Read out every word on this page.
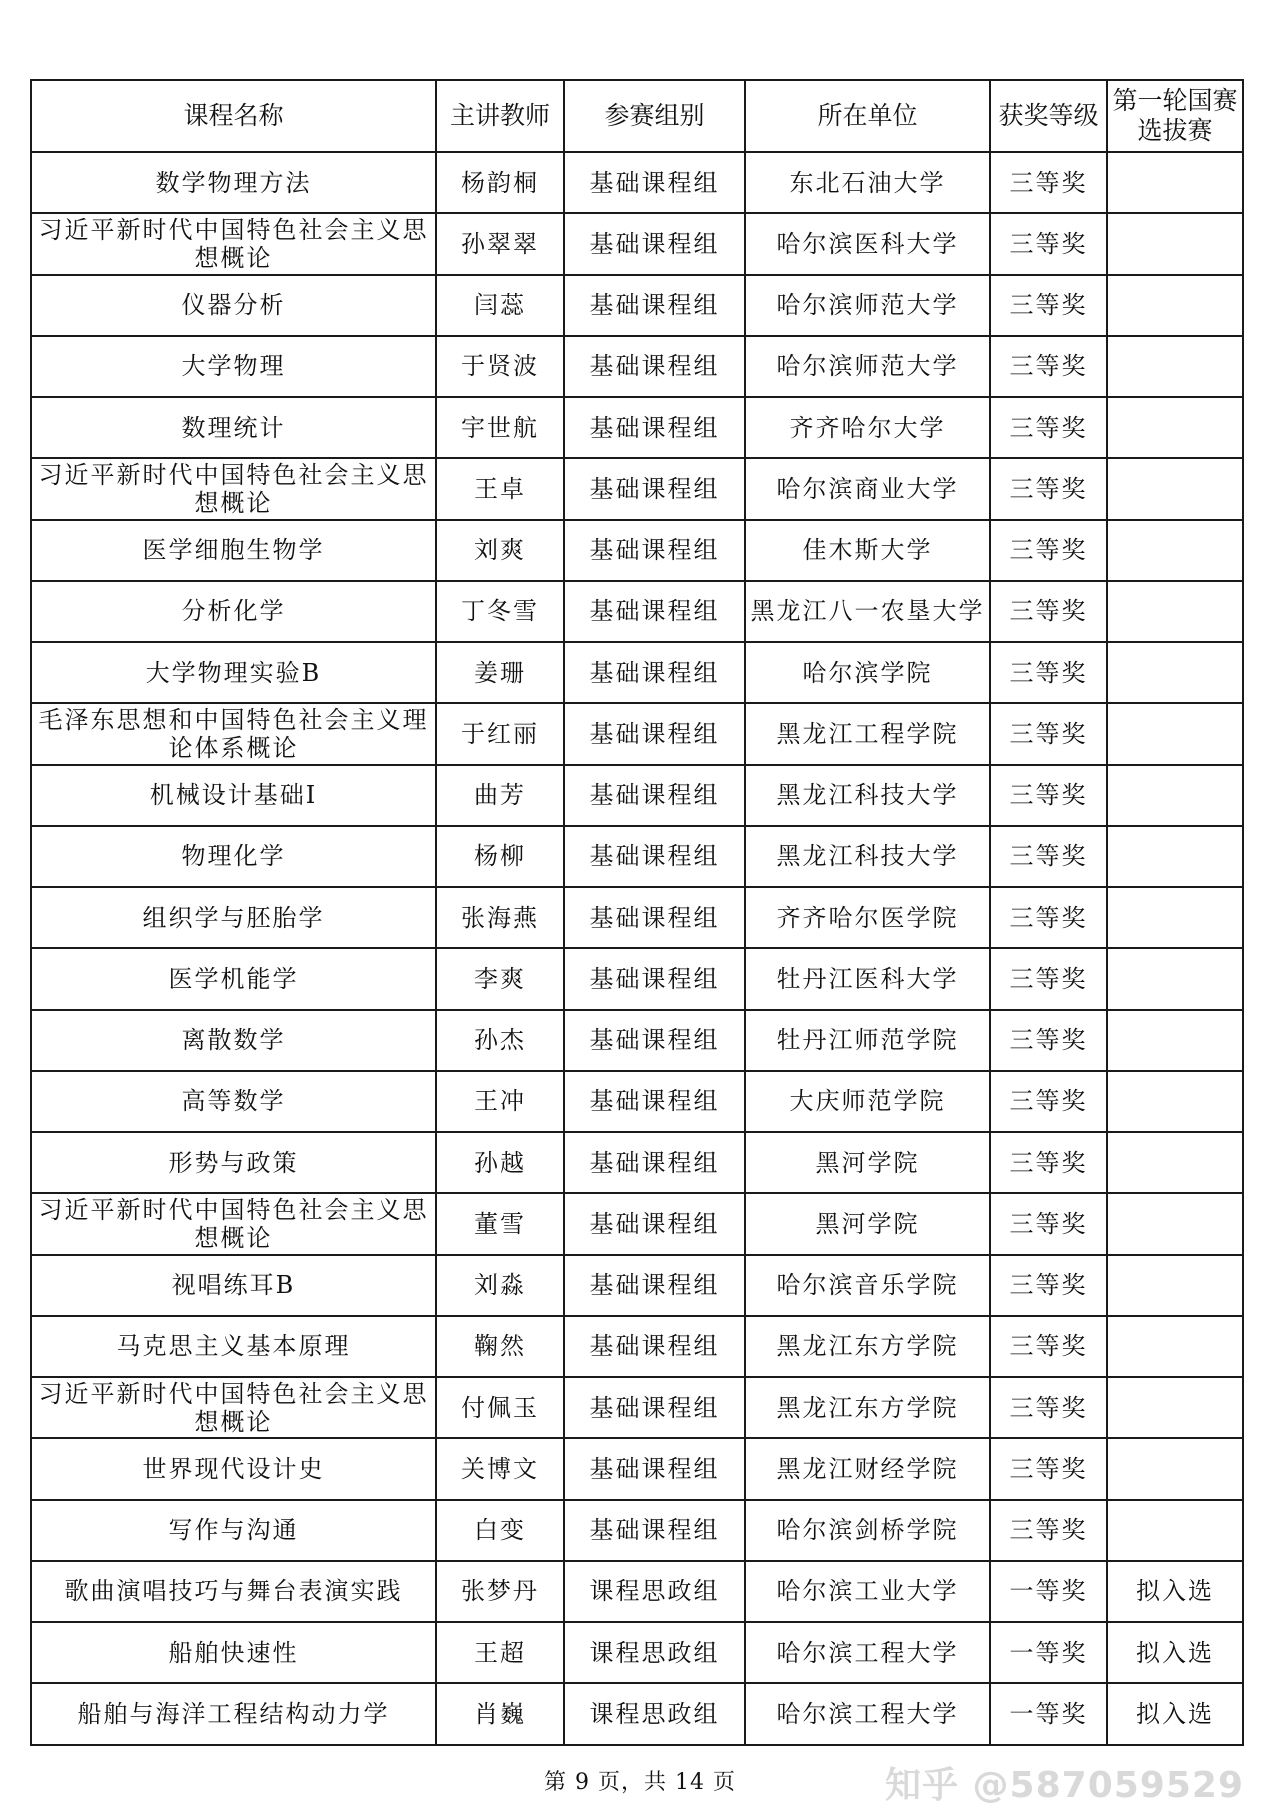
课程名称	主讲教师	参赛组别	所在单位	获奖等级	第一轮国赛选拔赛
数学物理方法	杨韵桐	基础课程组	东北石油大学	三等奖	
习近平新时代中国特色社会主义思想概论	孙翠翠	基础课程组	哈尔滨医科大学	三等奖	
仪器分析	闫蕊	基础课程组	哈尔滨师范大学	三等奖	
大学物理	于贤波	基础课程组	哈尔滨师范大学	三等奖	
数理统计	宇世航	基础课程组	齐齐哈尔大学	三等奖	
习近平新时代中国特色社会主义思想概论	王卓	基础课程组	哈尔滨商业大学	三等奖	
医学细胞生物学	刘爽	基础课程组	佳木斯大学	三等奖	
分析化学	丁冬雪	基础课程组	黑龙江八一农垦大学	三等奖	
大学物理实验B	姜珊	基础课程组	哈尔滨学院	三等奖	
毛泽东思想和中国特色社会主义理论体系概论	于红丽	基础课程组	黑龙江工程学院	三等奖	
机械设计基础I	曲芳	基础课程组	黑龙江科技大学	三等奖	
物理化学	杨柳	基础课程组	黑龙江科技大学	三等奖	
组织学与胚胎学	张海燕	基础课程组	齐齐哈尔医学院	三等奖	
医学机能学	李爽	基础课程组	牡丹江医科大学	三等奖	
离散数学	孙杰	基础课程组	牡丹江师范学院	三等奖	
高等数学	王冲	基础课程组	大庆师范学院	三等奖	
形势与政策	孙越	基础课程组	黑河学院	三等奖	
习近平新时代中国特色社会主义思想概论	董雪	基础课程组	黑河学院	三等奖	
视唱练耳B	刘淼	基础课程组	哈尔滨音乐学院	三等奖	
马克思主义基本原理	鞠然	基础课程组	黑龙江东方学院	三等奖	
习近平新时代中国特色社会主义思想概论	付佩玉	基础课程组	黑龙江东方学院	三等奖	
世界现代设计史	关博文	基础课程组	黑龙江财经学院	三等奖	
写作与沟通	白变	基础课程组	哈尔滨剑桥学院	三等奖	
歌曲演唱技巧与舞台表演实践	张梦丹	课程思政组	哈尔滨工业大学	一等奖	拟入选
船舶快速性	王超	课程思政组	哈尔滨工程大学	一等奖	拟入选
船舶与海洋工程结构动力学	肖巍	课程思政组	哈尔滨工程大学	一等奖	拟入选
第 9 页，共 14 页	知乎 @587059529
